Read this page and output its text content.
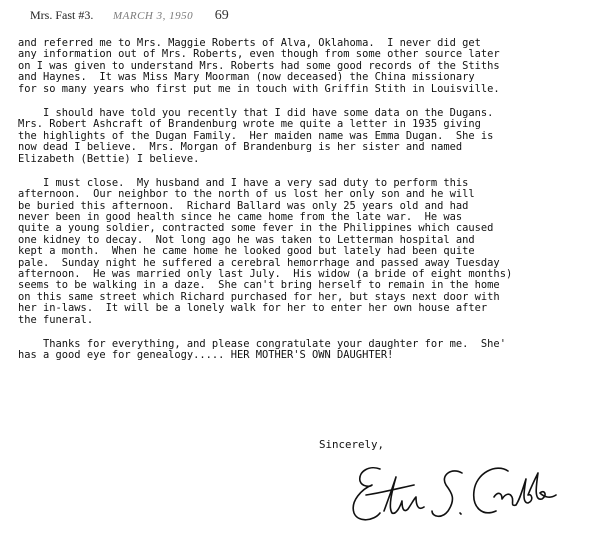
Mrs. Fast #3. MARCH 3, 1950 69
and referred me to Mrs. Maggie Roberts of Alva, Oklahoma.  I never did get
any information out of Mrs. Roberts, even though from some other source later
on I was given to understand Mrs. Roberts had some good records of the Stiths
and Haynes.  It was Miss Mary Moorman (now deceased) the China missionary
for so many years who first put me in touch with Griffin Stith in Louisville.
I should have told you recently that I did have some data on the Dugans.
Mrs. Robert Ashcraft of Brandenburg wrote me quite a letter in 1935 giving
the highlights of the Dugan Family.  Her maiden name was Emma Dugan.  She is
now dead I believe.  Mrs. Morgan of Brandenburg is her sister and named
Elizabeth (Bettie) I believe.
I must close.  My husband and I have a very sad duty to perform this
afternoon.  Our neighbor to the north of us lost her only son and he will
be buried this afternoon.  Richard Ballard was only 25 years old and had
never been in good health since he came home from the late war.  He was
quite a young soldier, contracted some fever in the Philippines which caused
one kidney to decay.  Not long ago he was taken to Letterman hospital and
kept a month.  When he came home he looked good but lately had been quite
pale.  Sunday night he suffered a cerebral hemorrhage and passed away Tuesday
afternoon.  He was married only last July.  His widow (a bride of eight months)
seems to be walking in a daze.  She can't bring herself to remain in the home
on this same street which Richard purchased for her, but stays next door with
her in-laws.  It will be a lonely walk for her to enter her own house after
the funeral.
Thanks for everything, and please congratulate your daughter for me.  She'
has a good eye for genealogy..... HER MOTHER'S OWN DAUGHTER!
Sincerely,
